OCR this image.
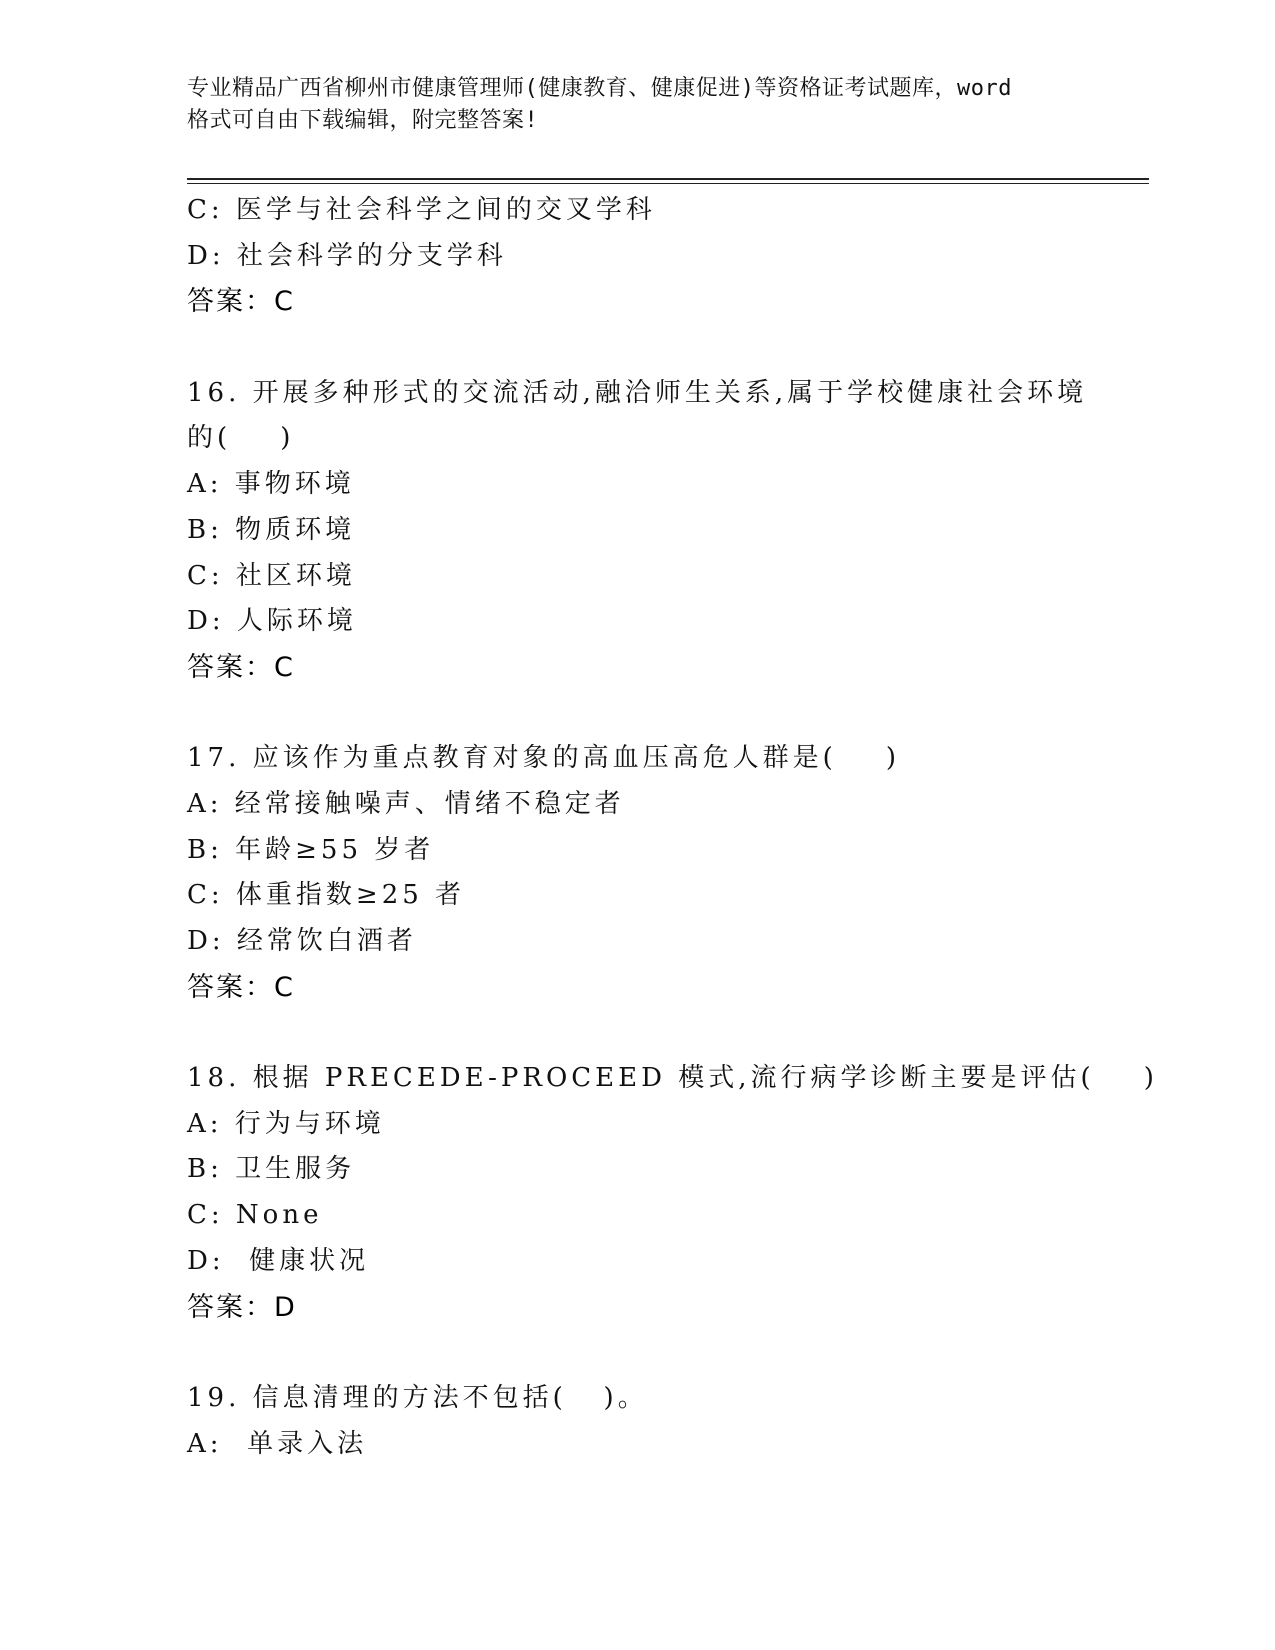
专业精品广西省柳州市健康管理师(健康教育、健康促进)等资格证考试题库，word
格式可自由下载编辑，附完整答案!
C: 医学与社会科学之间的交叉学科
D: 社会科学的分支学科
答案：C
16. 开展多种形式的交流活动,融洽师生关系,属于学校健康社会环境
的(    )
A: 事物环境
B: 物质环境
C: 社区环境
D: 人际环境
答案：C
17. 应该作为重点教育对象的高血压高危人群是(    )
A: 经常接触噪声、情绪不稳定者
B: 年龄≥55 岁者
C: 体重指数≥25 者
D: 经常饮白酒者
答案：C
18. 根据 PRECEDE-PROCEED 模式,流行病学诊断主要是评估(    )
A: 行为与环境
B: 卫生服务
C: None
D:  健康状况
答案：D
19. 信息清理的方法不包括(   )。
A:  单录入法
